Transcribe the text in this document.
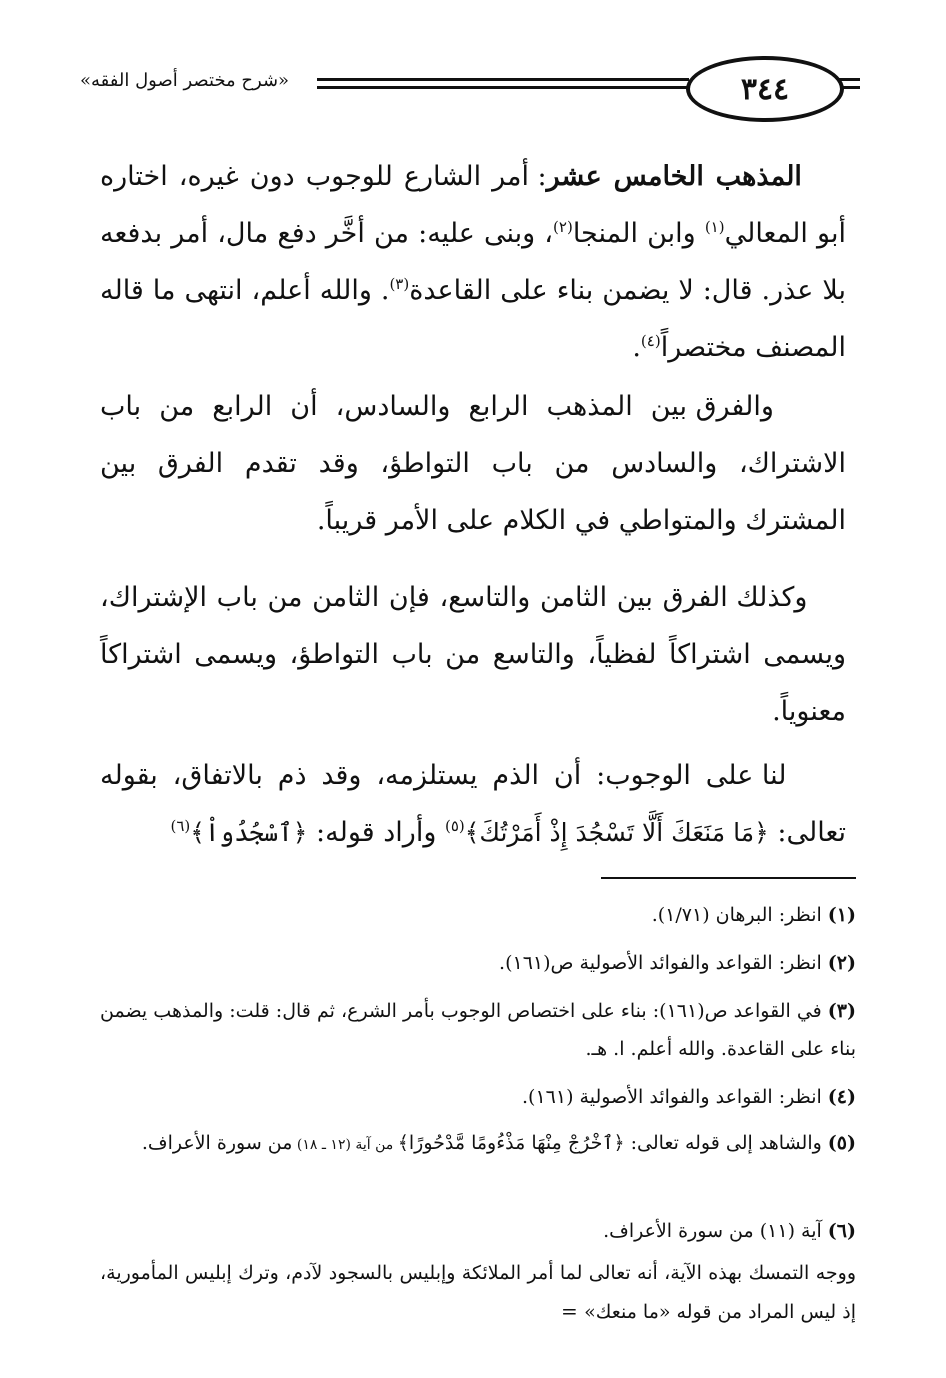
«شرح مختصر أصول الفقه»	٣٤٤

المذهب الخامس عشر: أمر الشارع للوجوب دون غيره، اختاره أبو المعالي$^{(١)}$ وابن المنجا$^{(٢)}$، وبنى عليه: من أخَّر دفع مال، أمر بدفعه بلا عذر. قال: لا يضمن بناء على القاعدة$^{(٣)}$. والله أعلم، انتهى ما قاله المصنف مختصراً$^{(٤)}$.

والفرق بين المذهب الرابع والسادس، أن الرابع من باب الاشتراك، والسادس من باب التواطؤ، وقد تقدم الفرق بين المشترك والمتواطي في الكلام على الأمر قريباً.

وكذلك الفرق بين الثامن والتاسع، فإن الثامن من باب الإشتراك، ويسمى اشتراكاً لفظياً، والتاسع من باب التواطؤ، ويسمى اشتراكاً معنوياً.

لنا على الوجوب: أن الذم يستلزمه، وقد ذم بالاتفاق، بقوله تعالى: ﴿مَا مَنَعَكَ أَلَّا تَسْجُدَ إِذْ أَمَرْتُكَ﴾$^{(٥)}$ وأراد قوله: ﴿ٱسْجُدُواْ﴾$^{(٦)}$

(١)انظر: البرهان (١/٧١).
(٢)انظر: القواعد والفوائد الأصولية ص(١٦١).
(٣)في القواعد ص(١٦١): بناء على اختصاص الوجوب بأمر الشرع، ثم قال: قلت: والمذهب يضمن بناء على القاعدة. والله أعلم. ا. هـ.
(٤)انظر: القواعد والفوائد الأصولية (١٦١).
(٥)والشاهد إلى قوله تعالى: ﴿ٱخْرُجْ مِنْهَا مَذْءُومًا مَّدْحُورًا﴾ من آية (١٢ ـ ١٨) من سورة الأعراف.
(٦)آية (١١) من سورة الأعراف.
ووجه التمسك بهذه الآية، أنه تعالى لما أمر الملائكة وإبليس بالسجود لآدم، وترك إبليس المأمورية، إذ ليس المراد من قوله «ما منعك» =
